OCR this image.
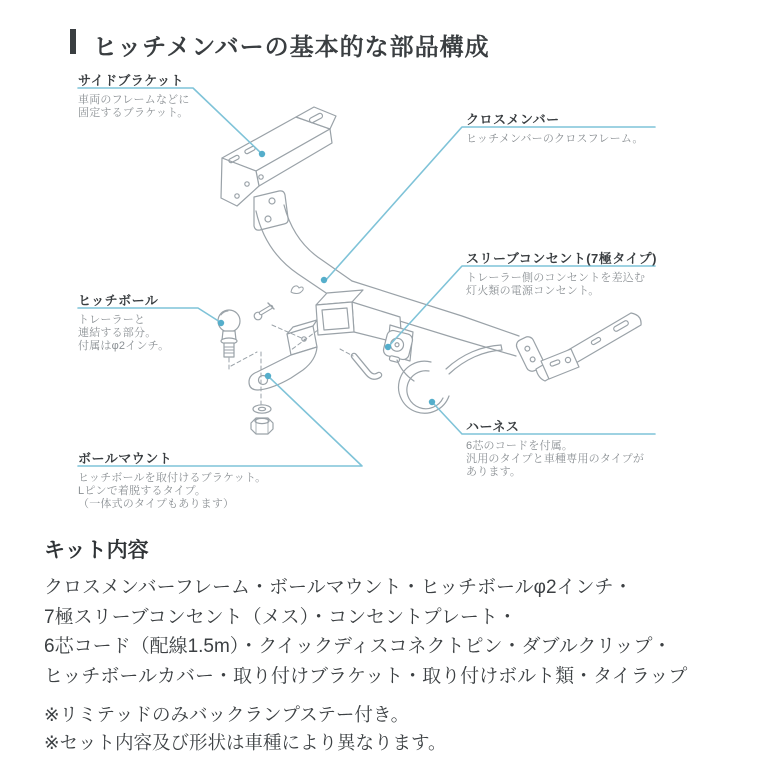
ヒッチメンバーの基本的な部品構成
サイドブラケット
車両のフレームなどに
固定するブラケット。	クロスメンバー
ヒッチメンバーのクロスフレーム。
スリーブコンセント(7極タイプ)
トレーラー側のコンセントを差込む
灯火類の電源コンセント。
ヒッチボール
トレーラーと
連結する部分。
付属はφ2インチ。
ハーネス
6芯のコードを付属。
汎用のタイプと車種専用のタイプが
あります。
ボールマウント
ヒッチボールを取付けるブラケット。
Lピンで着脱するタイプ。
（一体式のタイプもあります）
キット内容
クロスメンバーフレーム・ボールマウント・ヒッチボールφ2インチ・
7極スリーブコンセント（メス）・コンセントプレート・
6芯コード（配線1.5m）・クイックディスコネクトピン・ダブルクリップ・
ヒッチボールカバー・取り付けブラケット・取り付けボルト類・タイラップ
※リミテッドのみバックランプステー付き。
※セット内容及び形状は車種により異なります。
